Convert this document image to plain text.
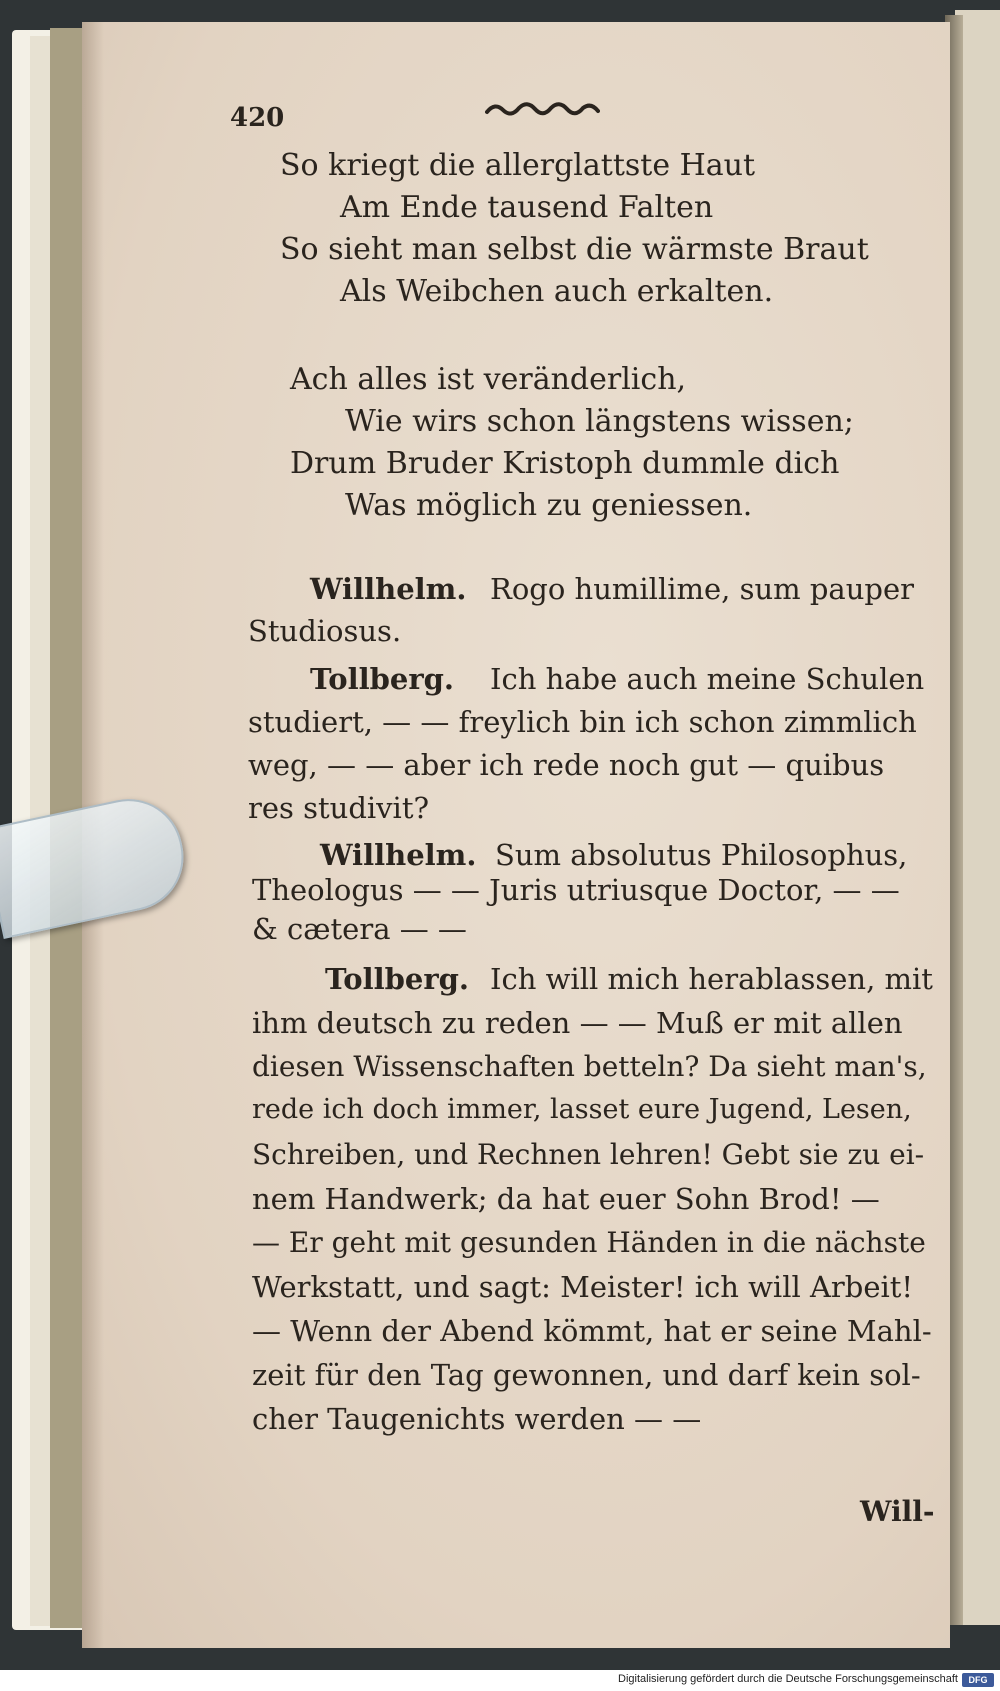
420
So kriegt die allerglattste Haut
Am Ende tausend Falten
So sieht man selbst die wärmste Braut
Als Weibchen auch erkalten.
Ach alles ist veränderlich,
Wie wirs schon längstens wissen;
Drum Bruder Kristoph dummle dich
Was möglich zu geniessen.
Willhelm. Rogo humillime, sum pauper
Studiosus.
Tollberg. Ich habe auch meine Schulen
studiert, — — freylich bin ich schon zimmlich
weg, — — aber ich rede noch gut — quibus
res studivit?
Willhelm. Sum absolutus Philosophus,
Theologus — — Juris utriusque Doctor, — —
& cætera — —
Tollberg. Ich will mich herablassen, mit
ihm deutsch zu reden — — Muß er mit allen
diesen Wissenschaften betteln? Da sieht man's,
rede ich doch immer, lasset eure Jugend, Lesen,
Schreiben, und Rechnen lehren! Gebt sie zu ei-
nem Handwerk; da hat euer Sohn Brod! —
— Er geht mit gesunden Händen in die nächste
Werkstatt, und sagt: Meister! ich will Arbeit!
— Wenn der Abend kömmt, hat er seine Mahl-
zeit für den Tag gewonnen, und darf kein sol-
cher Taugenichts werden — —
Will-
Digitalisierung gefördert durch die Deutsche Forschungsgemeinschaft	DFG
